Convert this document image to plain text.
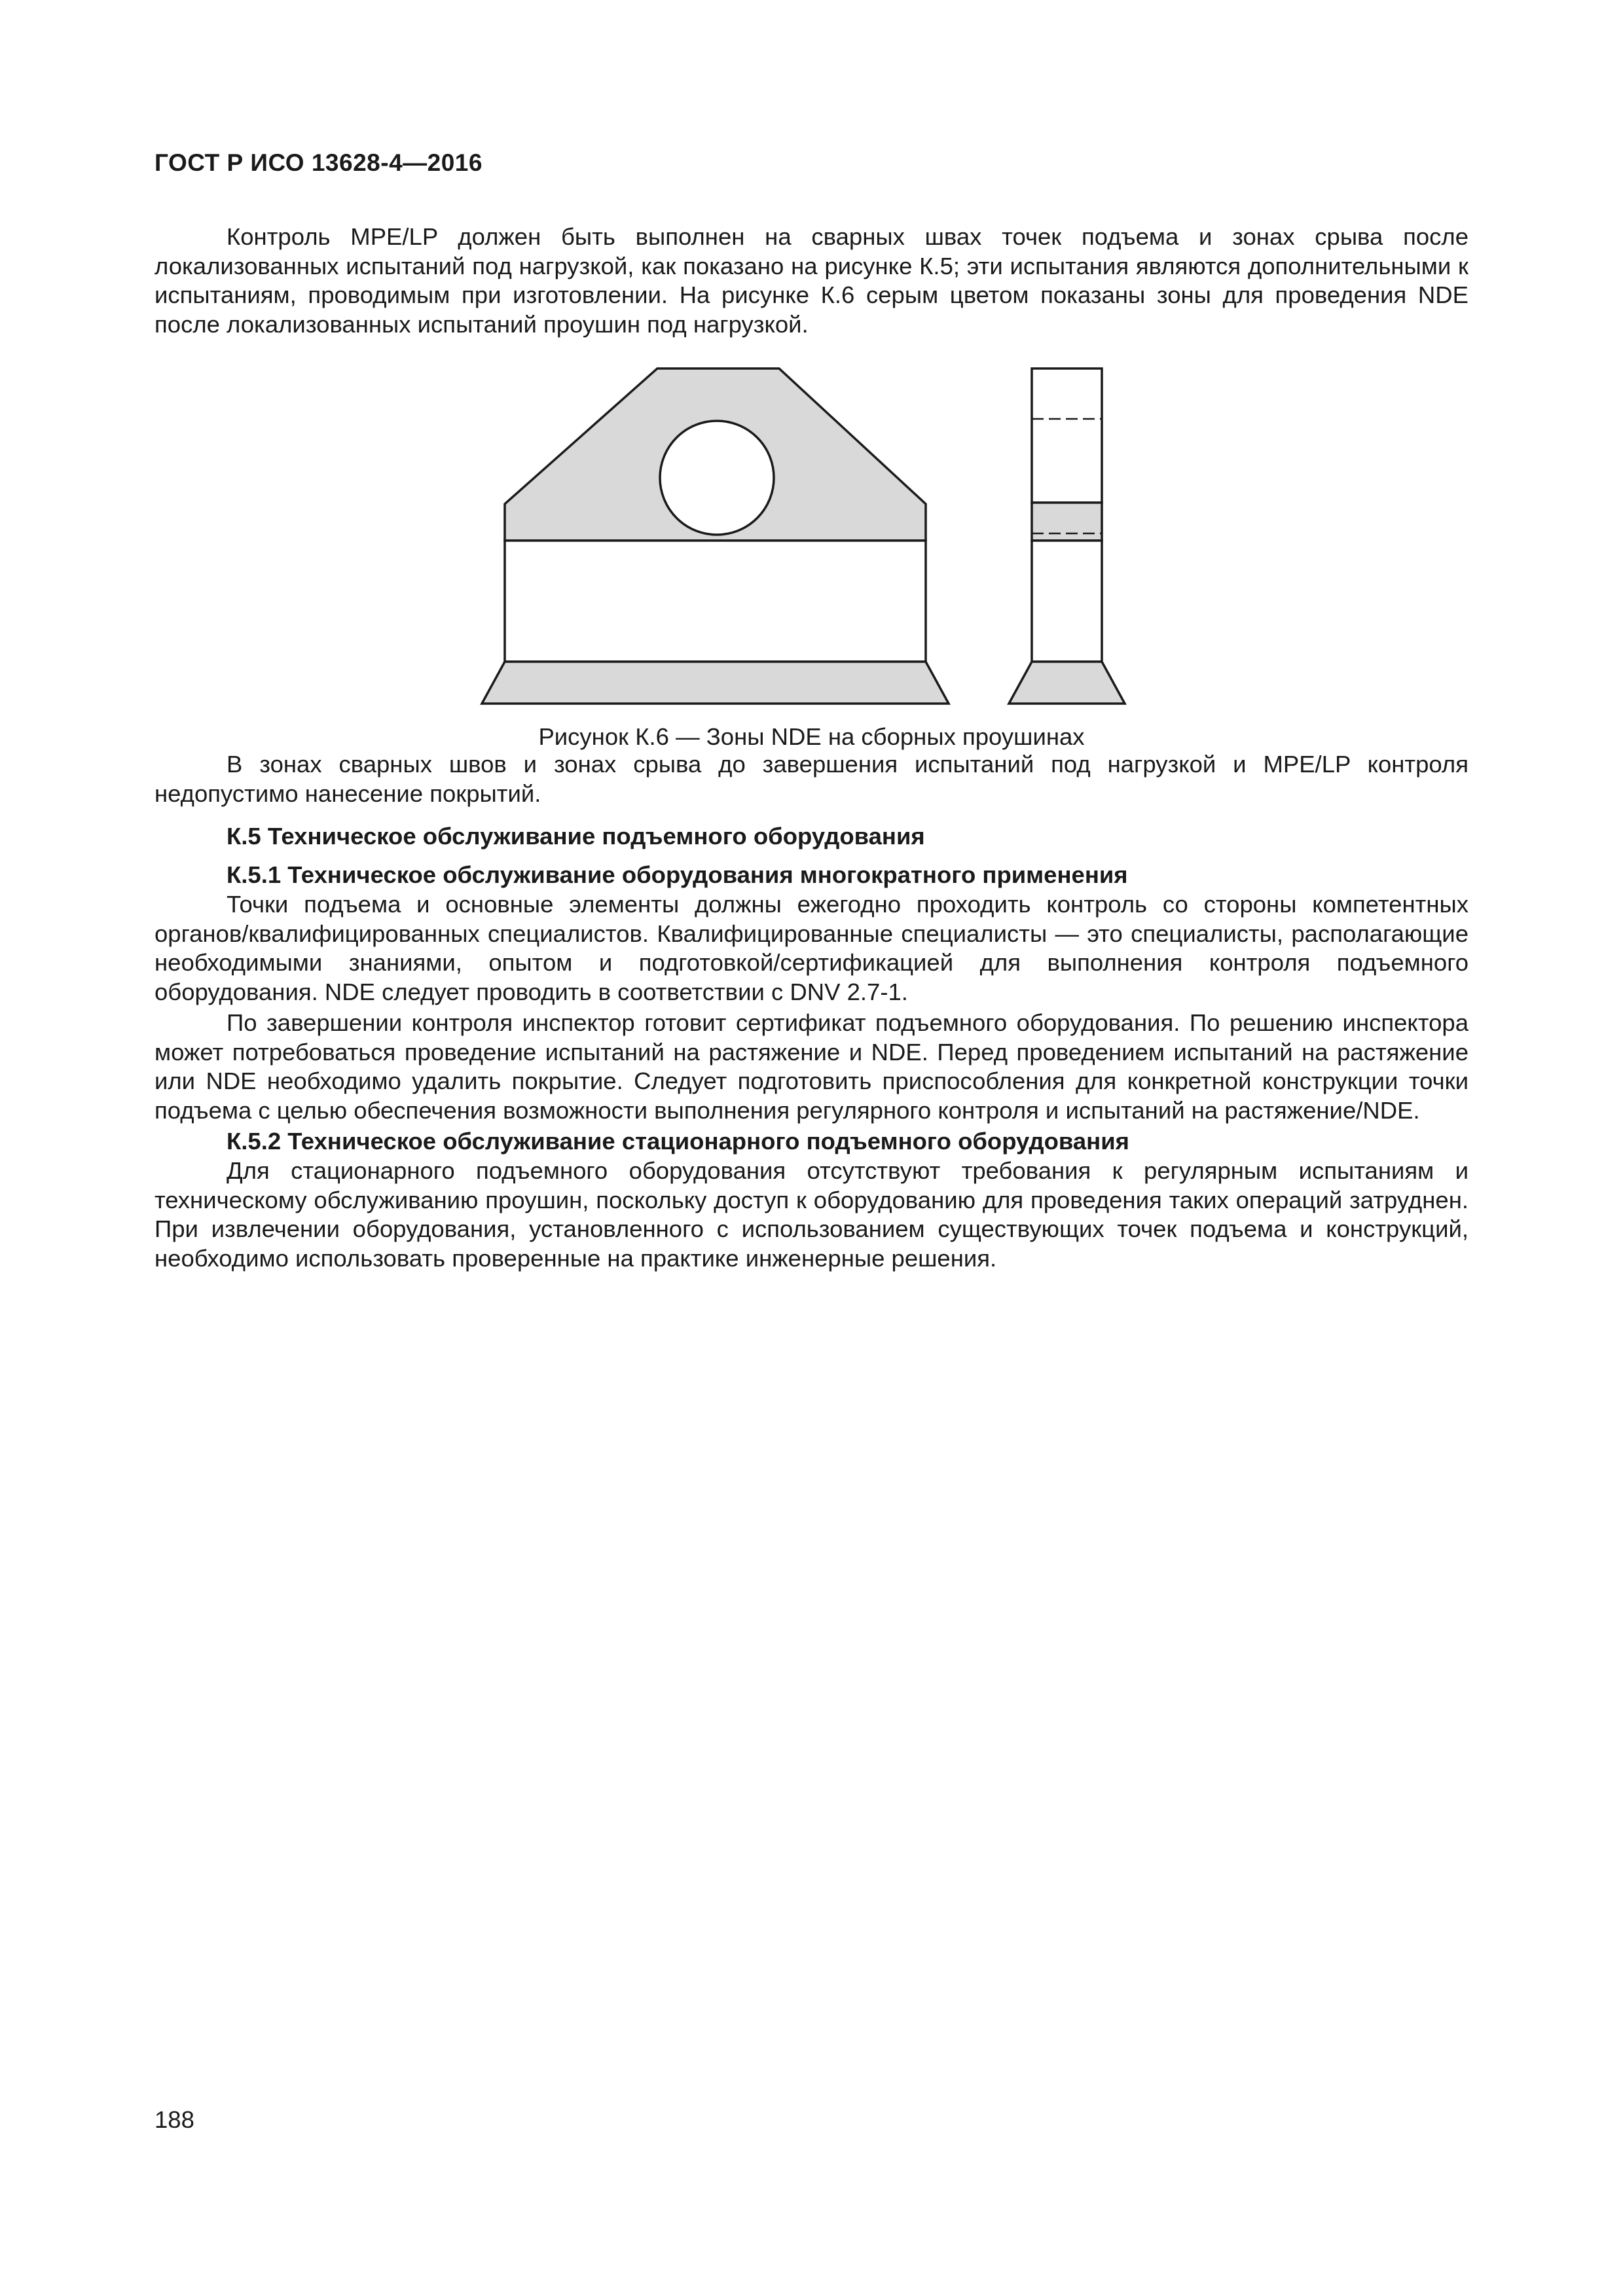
ГОСТ Р ИСО 13628-4—2016

Контроль MPE/LP должен быть выполнен на сварных швах точек подъема и зонах срыва после локализованных испытаний под нагрузкой, как показано на рисунке К.5; эти испытания являются дополнительными к испытаниям, проводимым при изготовлении. На рисунке К.6 серым цветом показаны зоны для проведения NDE после локализованных испытаний проушин под нагрузкой.

Рисунок К.6 — Зоны NDE на сборных проушинах

В зонах сварных швов и зонах срыва до завершения испытаний под нагрузкой и MPE/LP контроля недопустимо нанесение покрытий.

К.5 Техническое обслуживание подъемного оборудования

К.5.1 Техническое обслуживание оборудования многократного применения

Точки подъема и основные элементы должны ежегодно проходить контроль со стороны компетентных органов/квалифицированных специалистов. Квалифицированные специалисты — это специалисты, располагающие необходимыми знаниями, опытом и подготовкой/сертификацией для выполнения контроля подъемного оборудования. NDE следует проводить в соответствии с DNV 2.7-1.

По завершении контроля инспектор готовит сертификат подъемного оборудования. По решению инспектора может потребоваться проведение испытаний на растяжение и NDE. Перед проведением испытаний на растяжение или NDE необходимо удалить покрытие. Следует подготовить приспособления для конкретной конструкции точки подъема с целью обеспечения возможности выполнения регулярного контроля и испытаний на растяжение/NDE.

К.5.2 Техническое обслуживание стационарного подъемного оборудования

Для стационарного подъемного оборудования отсутствуют требования к регулярным испытаниям и техническому обслуживанию проушин, поскольку доступ к оборудованию для проведения таких операций затруднен. При извлечении оборудования, установленного с использованием существующих точек подъема и конструкций, необходимо использовать проверенные на практике инженерные решения.

188
